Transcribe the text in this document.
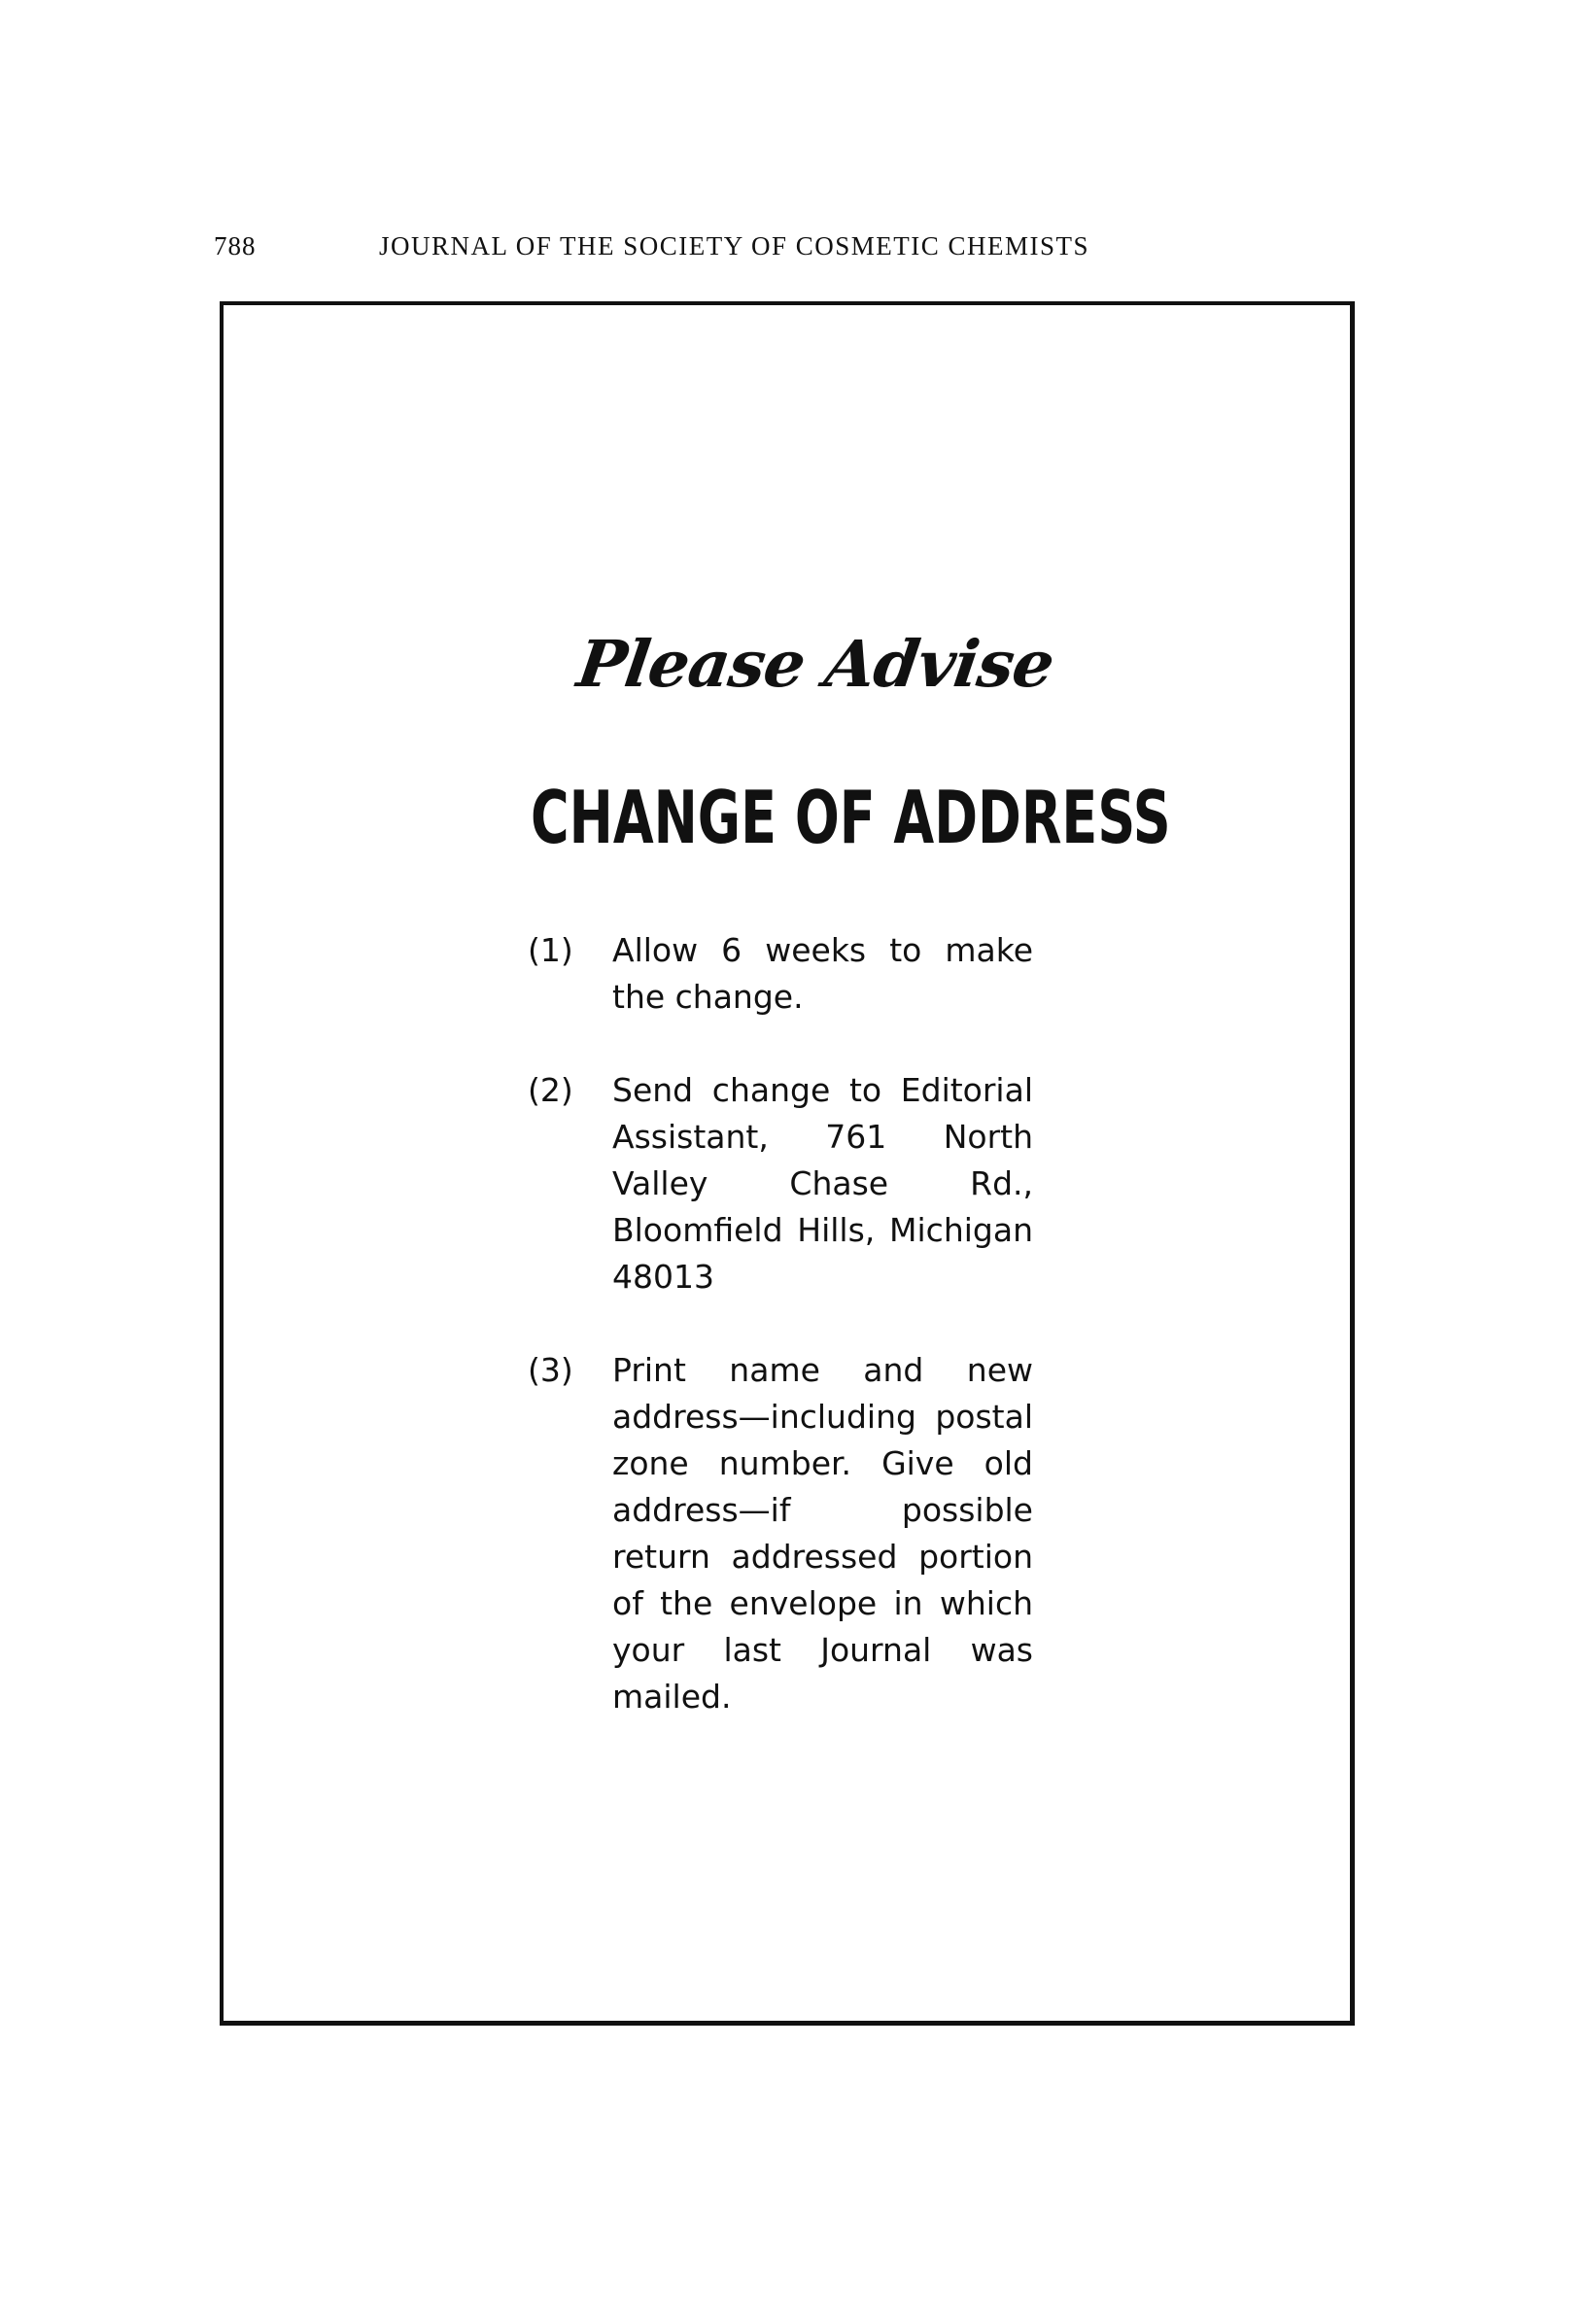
788	JOURNAL OF THE SOCIETY OF COSMETIC CHEMISTS
Please Advise
CHANGE OF ADDRESS
(1) Allow 6 weeks to make the change.
(2) Send change to Editorial Assistant, 761 North Valley Chase Rd., Bloomfield Hills, Michigan 48013
(3) Print name and new address—including postal zone number. Give old address—if possible return addressed portion of the envelope in which your last Journal was mailed.
